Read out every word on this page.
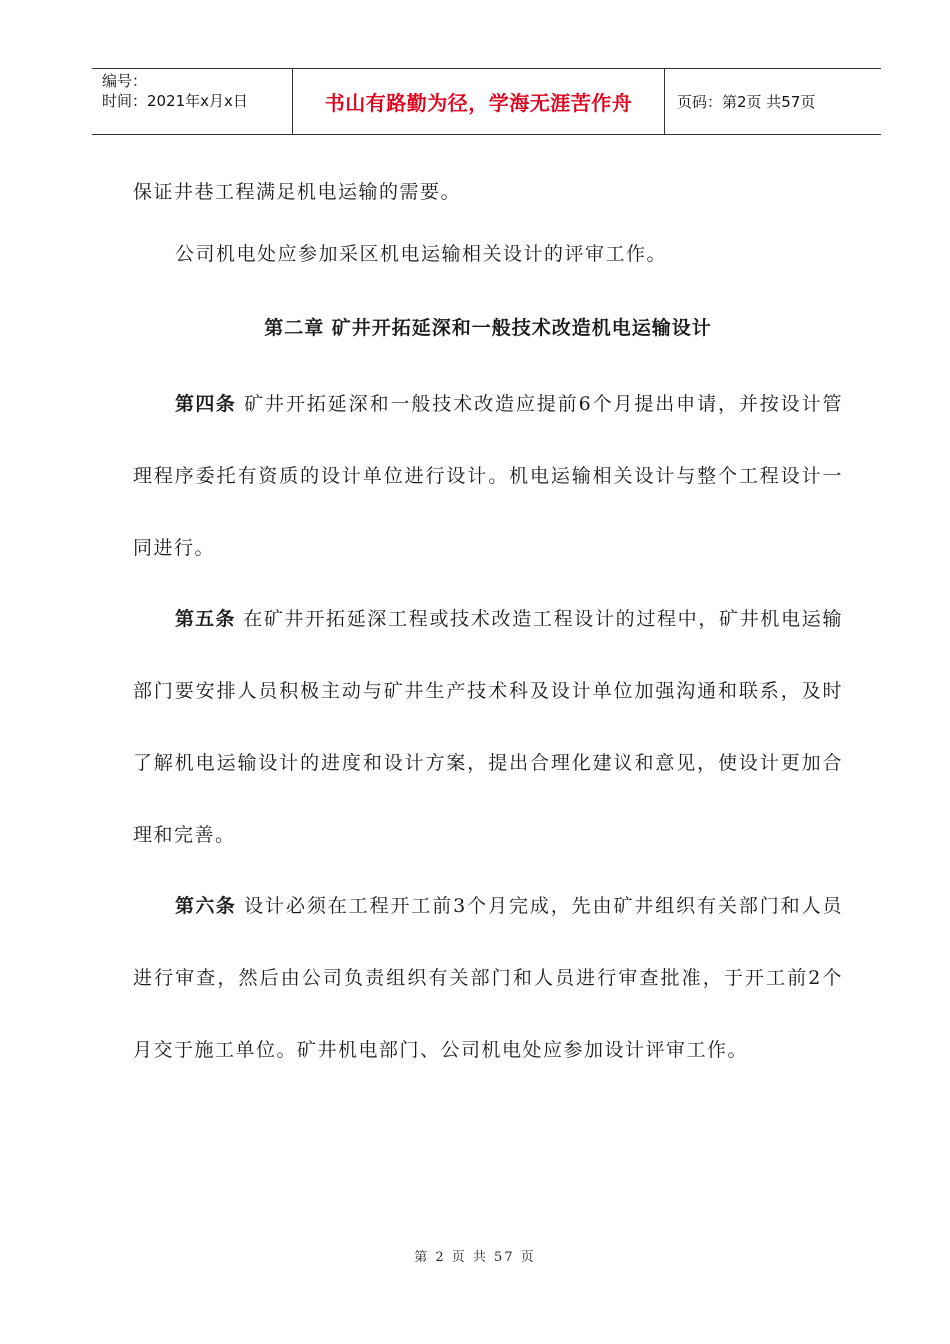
编号：
时间：2021年x月x日	书山有路勤为径，学海无涯苦作舟	页码：第2页 共57页

保证井巷工程满足机电运输的需要。

公司机电处应参加采区机电运输相关设计的评审工作。

第二章 矿井开拓延深和一般技术改造机电运输设计

第四条 矿井开拓延深和一般技术改造应提前6个月提出申请，并按设计管理程序委托有资质的设计单位进行设计。机电运输相关设计与整个工程设计一同进行。

第五条 在矿井开拓延深工程或技术改造工程设计的过程中，矿井机电运输部门要安排人员积极主动与矿井生产技术科及设计单位加强沟通和联系，及时了解机电运输设计的进度和设计方案，提出合理化建议和意见，使设计更加合理和完善。

第六条 设计必须在工程开工前3个月完成，先由矿井组织有关部门和人员进行审查，然后由公司负责组织有关部门和人员进行审查批准，于开工前2个月交于施工单位。矿井机电部门、公司机电处应参加设计评审工作。

第 2 页 共 57 页
